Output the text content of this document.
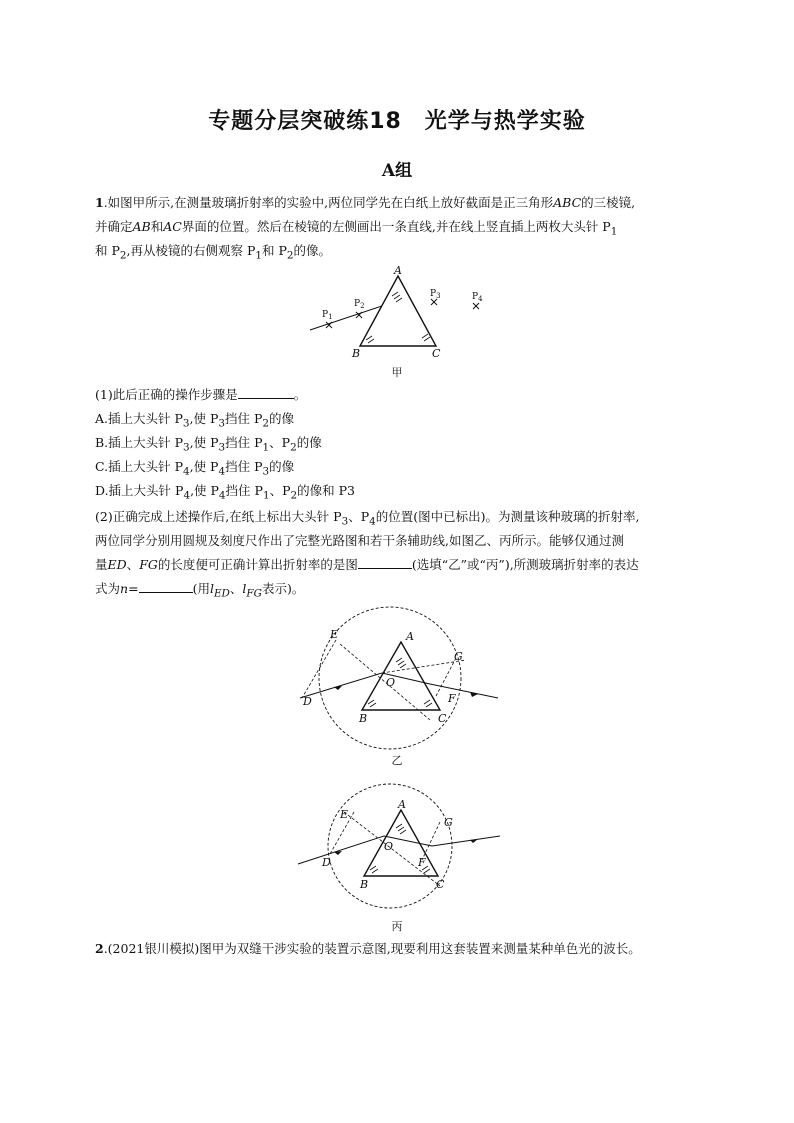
专题分层突破练18　光学与热学实验
A组
1.如图甲所示,在测量玻璃折射率的实验中,两位同学先在白纸上放好截面是正三角形ABC的三棱镜,
并确定AB和AC界面的位置。然后在棱镜的左侧画出一条直线,并在线上竖直插上两枚大头针 $P_1$
和 $P_2$,再从棱镜的右侧观察 $P_1$和 $P_2$的像。
A
B	C
$P_1$
$P_2$
$P_3$	$P_4$
甲
(1)此后正确的操作步骤是	。
A.插上大头针 $P_3$,使 $P_3$挡住 $P_2$的像
B.插上大头针 $P_3$,使 $P_3$挡住 $P_1$、$P_2$的像
C.插上大头针 $P_4$,使 $P_4$挡住 $P_3$的像
D.插上大头针 $P_4$,使 $P_4$挡住 $P_1$、$P_2$的像和 P3
(2)正确完成上述操作后,在纸上标出大头针 $P_3$、$P_4$的位置(图中已标出)。为测量该种玻璃的折射率,
两位同学分别用圆规及刻度尺作出了完整光路图和若干条辅助线,如图乙、丙所示。能够仅通过测
量ED、FG的长度便可正确计算出折射率的是图	(选填“乙”或“丙”),所测玻璃折射率的表达
式为n=	(用$l_{ED}$、$l_{FG}$表示)。
E	A
O
D
B	C
F
G
乙
E
A
O
D
B	C
F
G
丙
2.(2021银川模拟)图甲为双缝干涉实验的装置示意图,现要利用这套装置来测量某种单色光的波长。
